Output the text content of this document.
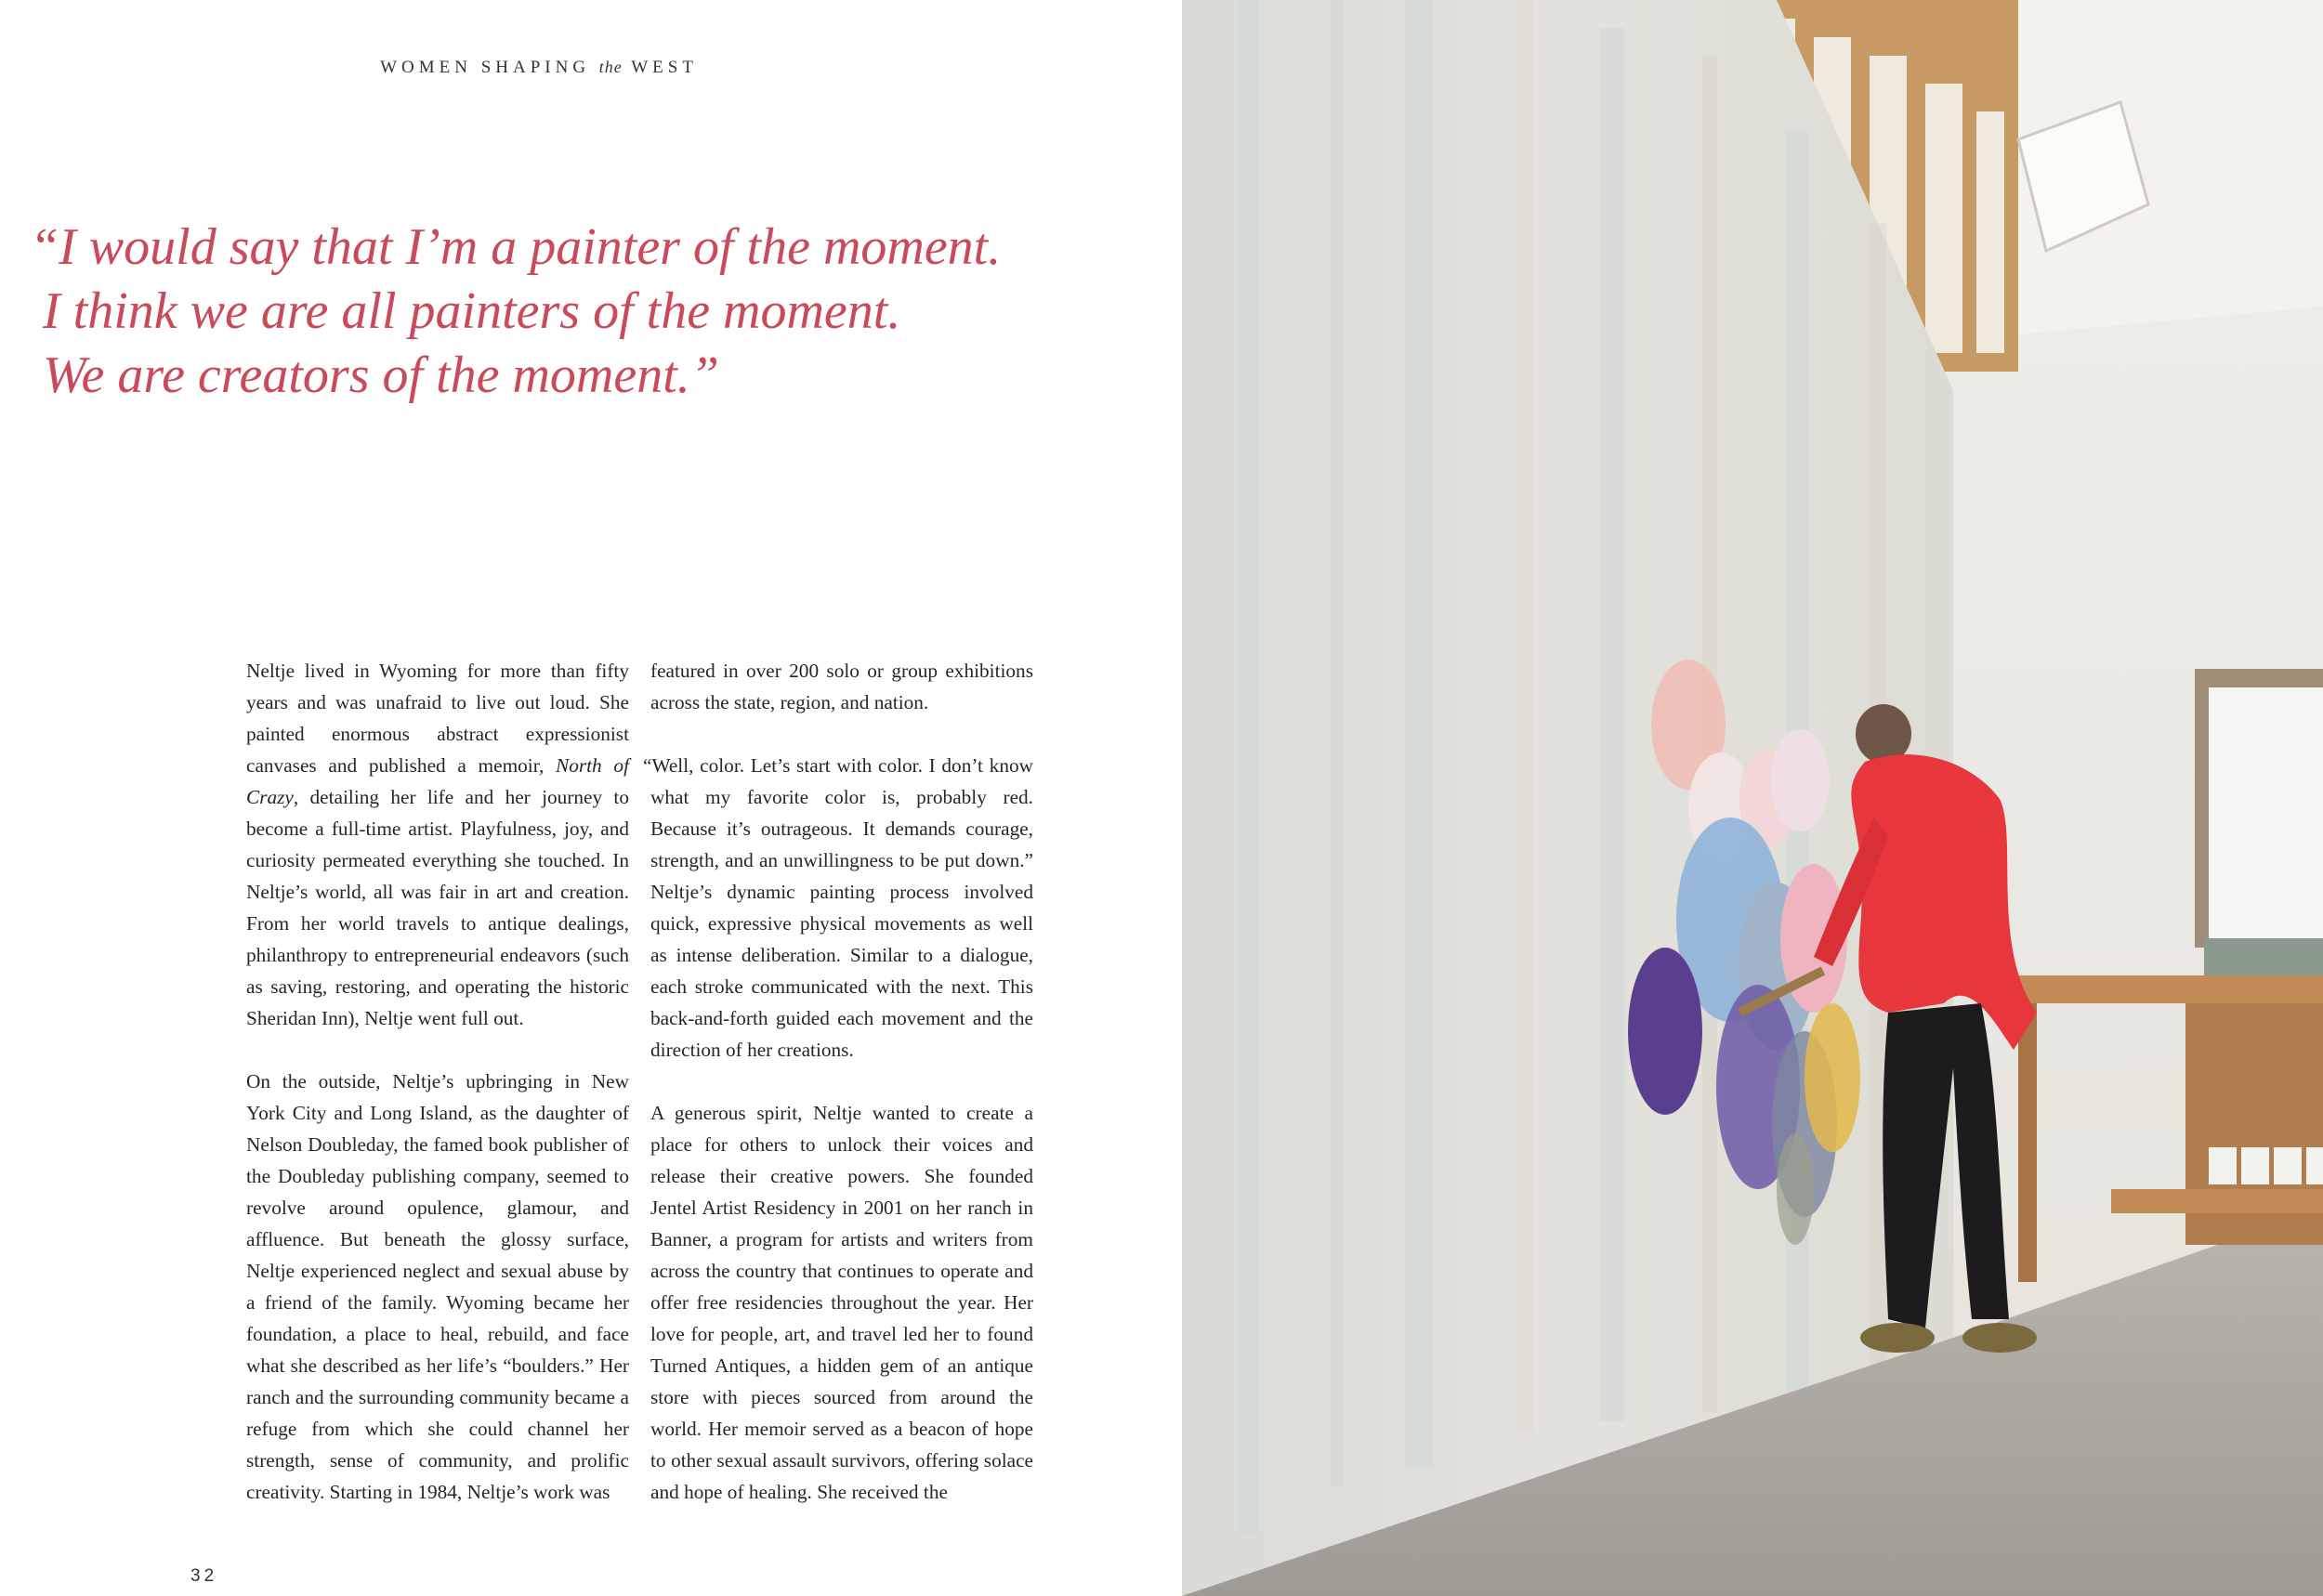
WOMEN SHAPING the WEST
“I would say that I’m a painter of the moment.
I think we are all painters of the moment.
We are creators of the moment.”

Neltje lived in Wyoming for more than fifty years and was unafraid to live out loud. She painted enormous abstract expressionist canvases and published a memoir, North of Crazy, detailing her life and her journey to become a full-time artist. Playfulness, joy, and curiosity permeated everything she touched. In Neltje’s world, all was fair in art and creation. From her world travels to antique dealings, philanthropy to entrepreneurial endeavors (such as saving, restoring, and operating the historic Sheridan Inn), Neltje went full out.

On the outside, Neltje’s upbringing in New York City and Long Island, as the daughter of Nelson Doubleday, the famed book publisher of the Doubleday publishing company, seemed to revolve around opulence, glamour, and affluence. But beneath the glossy surface, Neltje experienced neglect and sexual abuse by a friend of the family. Wyoming became her foundation, a place to heal, rebuild, and face what she described as her life’s “boulders.” Her ranch and the surrounding community became a refuge from which she could channel her strength, sense of community, and prolific creativity. Starting in 1984, Neltje’s work was

featured in over 200 solo or group exhibitions across the state, region, and nation.

“Well, color. Let’s start with color. I don’t know what my favorite color is, probably red. Because it’s outrageous. It demands courage, strength, and an unwillingness to be put down.” Neltje’s dynamic painting process involved quick, expressive physical movements as well as intense deliberation. Similar to a dialogue, each stroke communicated with the next. This back-and-forth guided each movement and the direction of her creations.

A generous spirit, Neltje wanted to create a place for others to unlock their voices and release their creative powers. She founded Jentel Artist Residency in 2001 on her ranch in Banner, a program for artists and writers from across the country that continues to operate and offer free residencies throughout the year. Her love for people, art, and travel led her to found Turned Antiques, a hidden gem of an antique store with pieces sourced from around the world. Her memoir served as a beacon of hope to other sexual assault survivors, offering solace and hope of healing. She received the

32
